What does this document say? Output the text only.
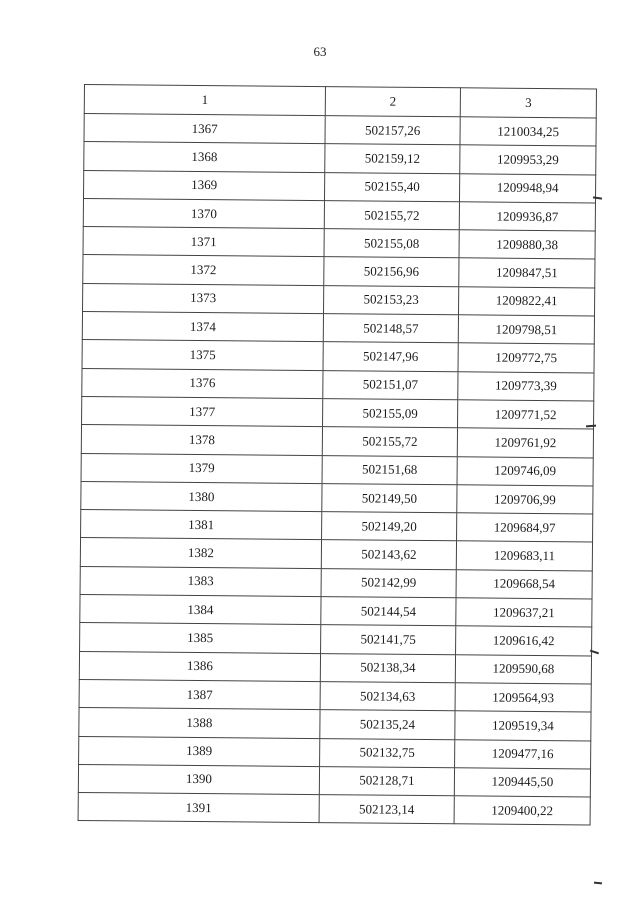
63
1	2	3
1367	502157,26	1210034,25
1368	502159,12	1209953,29
1369	502155,40	1209948,94
1370	502155,72	1209936,87
1371	502155,08	1209880,38
1372	502156,96	1209847,51
1373	502153,23	1209822,41
1374	502148,57	1209798,51
1375	502147,96	1209772,75
1376	502151,07	1209773,39
1377	502155,09	1209771,52
1378	502155,72	1209761,92
1379	502151,68	1209746,09
1380	502149,50	1209706,99
1381	502149,20	1209684,97
1382	502143,62	1209683,11
1383	502142,99	1209668,54
1384	502144,54	1209637,21
1385	502141,75	1209616,42
1386	502138,34	1209590,68
1387	502134,63	1209564,93
1388	502135,24	1209519,34
1389	502132,75	1209477,16
1390	502128,71	1209445,50
1391	502123,14	1209400,22
